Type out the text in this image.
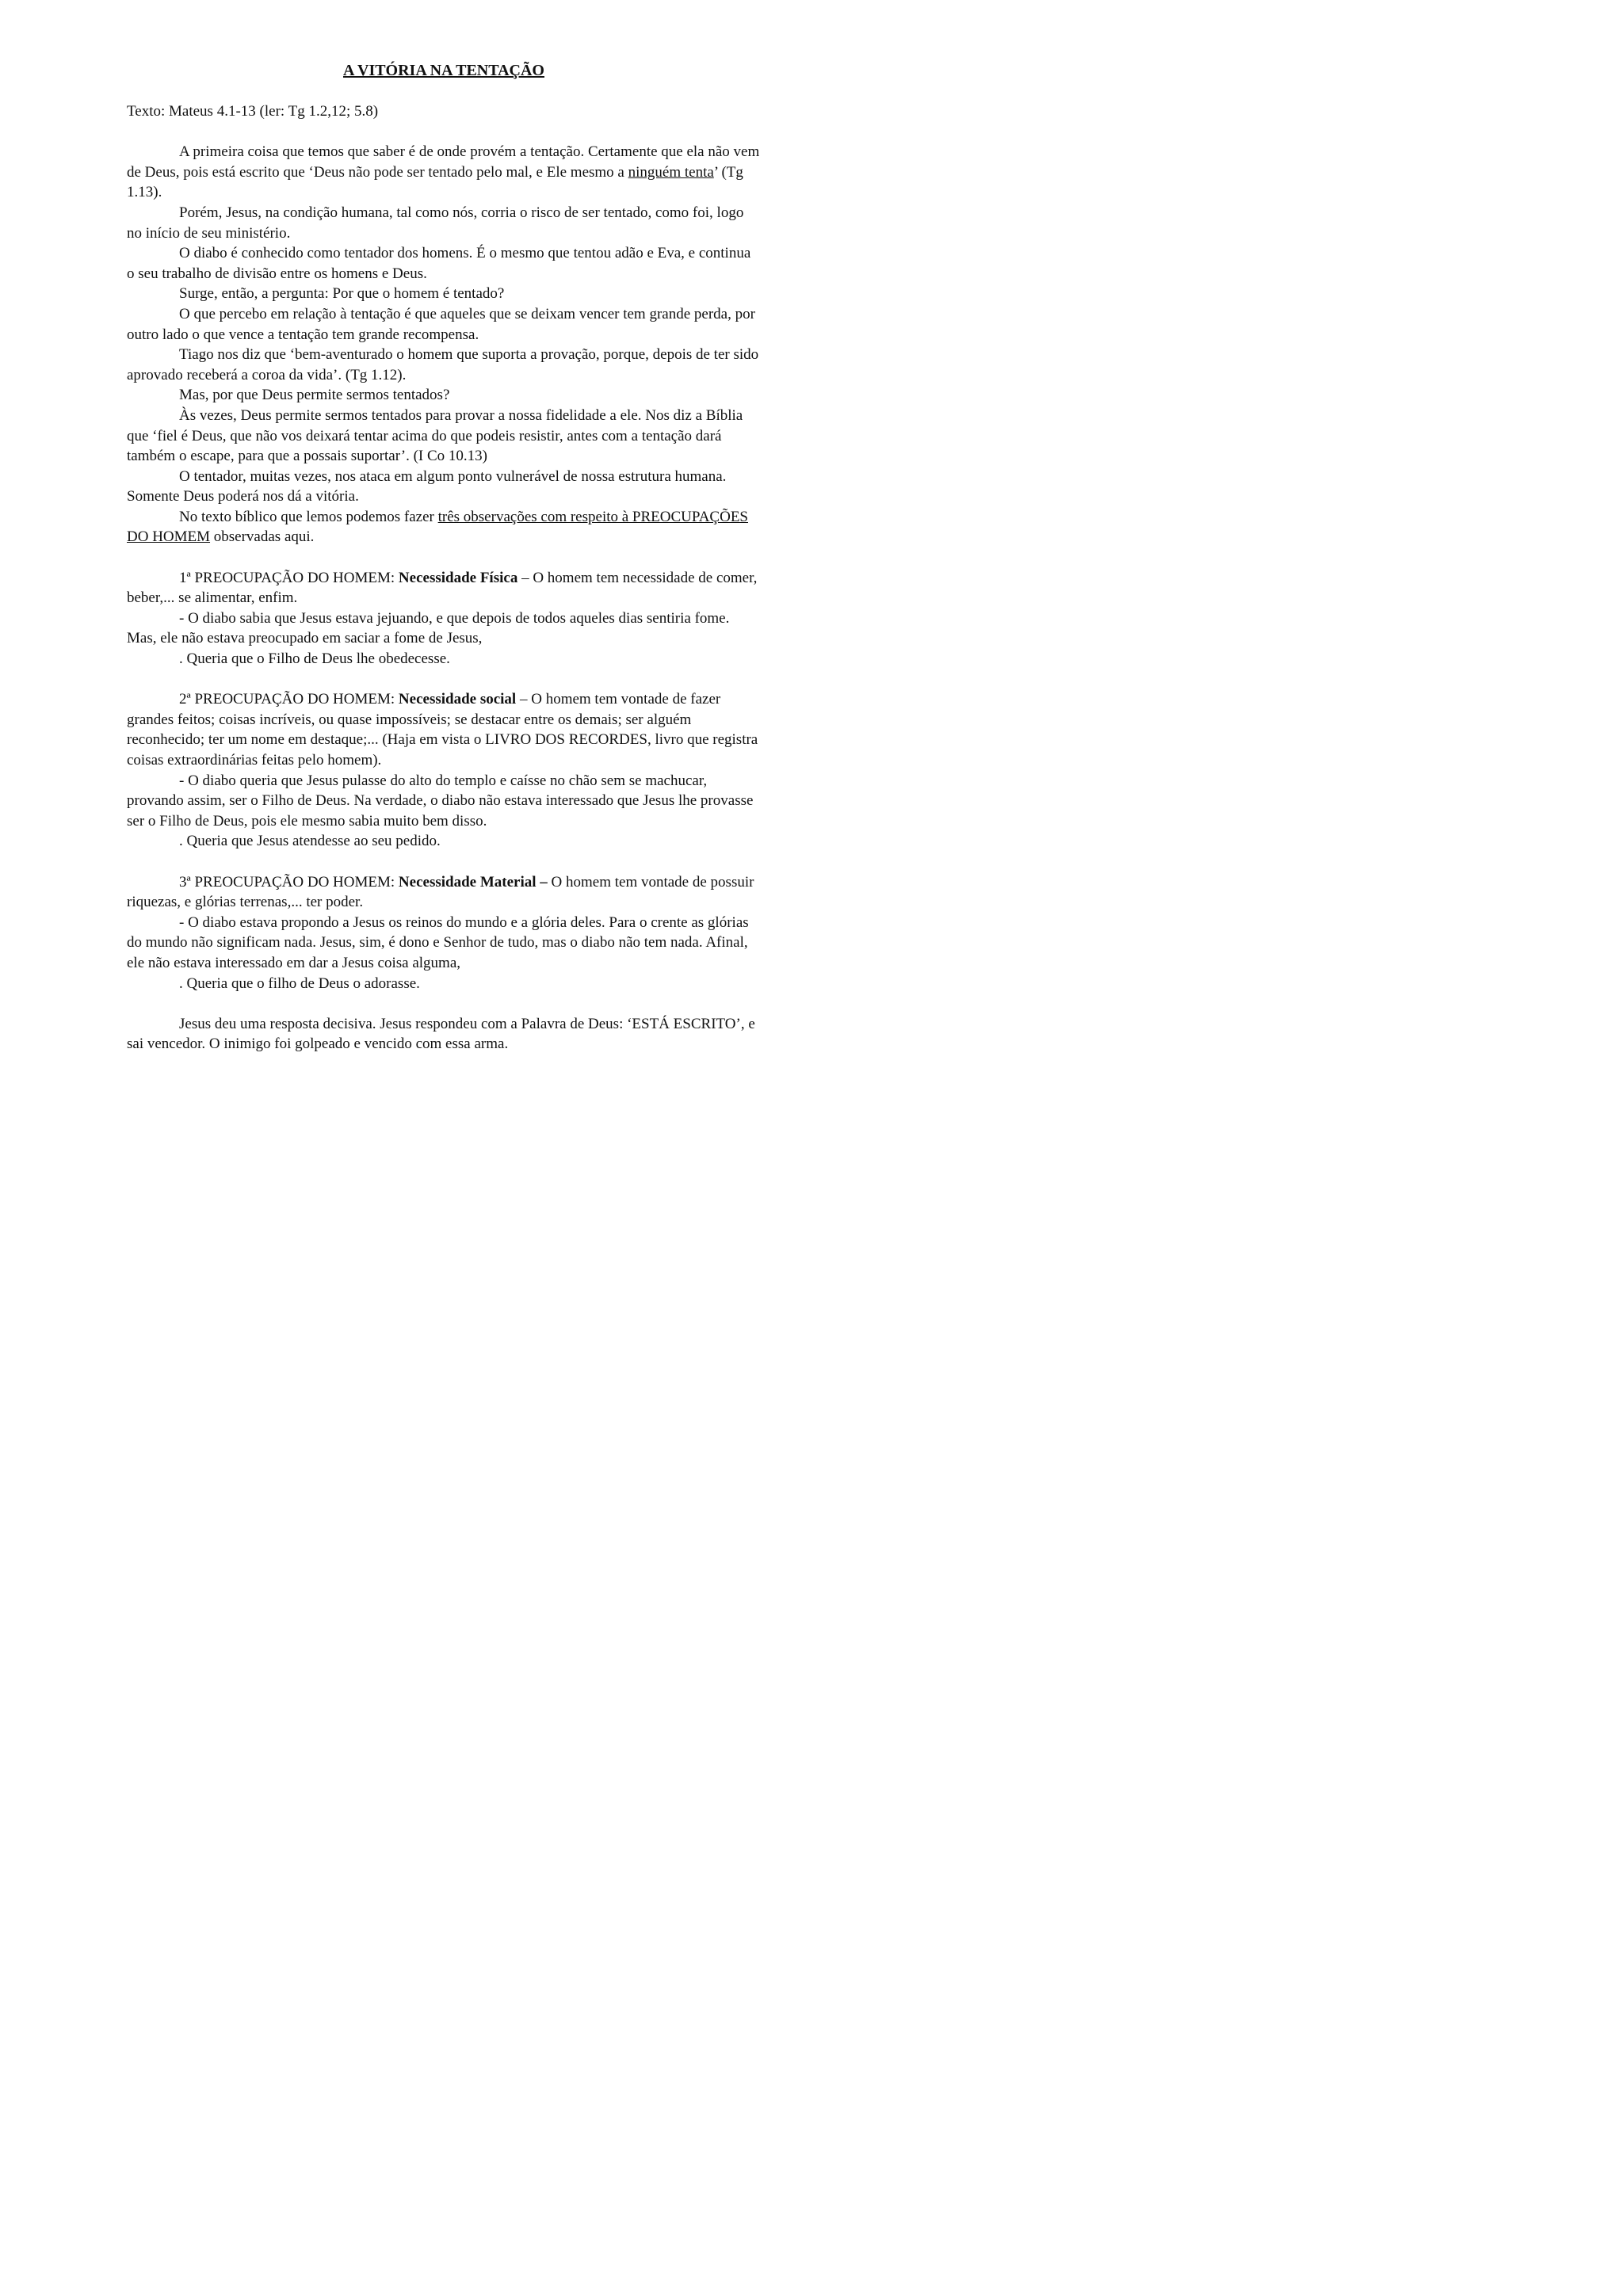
A VITÓRIA NA TENTAÇÃO

Texto: Mateus 4.1-13 (ler: Tg 1.2,12; 5.8)

A primeira coisa que temos que saber é de onde provém a tentação. Certamente que ela não vem de Deus, pois está escrito que ‘Deus não pode ser tentado pelo mal, e Ele mesmo a ninguém tenta’ (Tg 1.13).

Porém, Jesus, na condição humana, tal como nós, corria o risco de ser tentado, como foi, logo no início de seu ministério.

O diabo é conhecido como tentador dos homens. É o mesmo que tentou adão e Eva, e continua o seu trabalho de divisão entre os homens e Deus.

Surge, então, a pergunta: Por que o homem é tentado?

O que percebo em relação à tentação é que aqueles que se deixam vencer tem grande perda, por outro lado o que vence a tentação tem grande recompensa.

Tiago nos diz que ‘bem-aventurado o homem que suporta a provação, porque, depois de ter sido aprovado receberá a coroa da vida’. (Tg 1.12).

Mas, por que Deus permite sermos tentados?

Às vezes, Deus permite sermos tentados para provar a nossa fidelidade a ele. Nos diz a Bíblia que ‘fiel é Deus, que não vos deixará tentar acima do que podeis resistir, antes com a tentação dará também o escape, para que a possais suportar’. (I Co 10.13)

O tentador, muitas vezes, nos ataca em algum ponto vulnerável de nossa estrutura humana. Somente Deus poderá nos dá a vitória.

No texto bíblico que lemos podemos fazer três observações com respeito à PREOCUPAÇÕES DO HOMEM observadas aqui.

1ª PREOCUPAÇÃO DO HOMEM: Necessidade Física – O homem tem necessidade de comer, beber,... se alimentar, enfim.

- O diabo sabia que Jesus estava jejuando, e que depois de todos aqueles dias sentiria fome. Mas, ele não estava preocupado em saciar a fome de Jesus,

. Queria que o Filho de Deus lhe obedecesse.

2ª PREOCUPAÇÃO DO HOMEM: Necessidade social – O homem tem vontade de fazer grandes feitos; coisas incríveis, ou quase impossíveis; se destacar entre os demais; ser alguém reconhecido; ter um nome em destaque;... (Haja em vista o LIVRO DOS RECORDES, livro que registra coisas extraordinárias feitas pelo homem).

- O diabo queria que Jesus pulasse do alto do templo e caísse no chão sem se machucar, provando assim, ser o Filho de Deus. Na verdade, o diabo não estava interessado que Jesus lhe provasse ser o Filho de Deus, pois ele mesmo sabia muito bem disso.

. Queria que Jesus atendesse ao seu pedido.

3ª PREOCUPAÇÃO DO HOMEM: Necessidade Material – O homem tem vontade de possuir riquezas, e glórias terrenas,... ter poder.

- O diabo estava propondo a Jesus os reinos do mundo e a glória deles. Para o crente as glórias do mundo não significam nada. Jesus, sim, é dono e Senhor de tudo, mas o diabo não tem nada. Afinal, ele não estava interessado em dar a Jesus coisa alguma,

. Queria que o filho de Deus o adorasse.

Jesus deu uma resposta decisiva. Jesus respondeu com a Palavra de Deus: ‘ESTÁ ESCRITO’, e sai vencedor. O inimigo foi golpeado e vencido com essa arma.
